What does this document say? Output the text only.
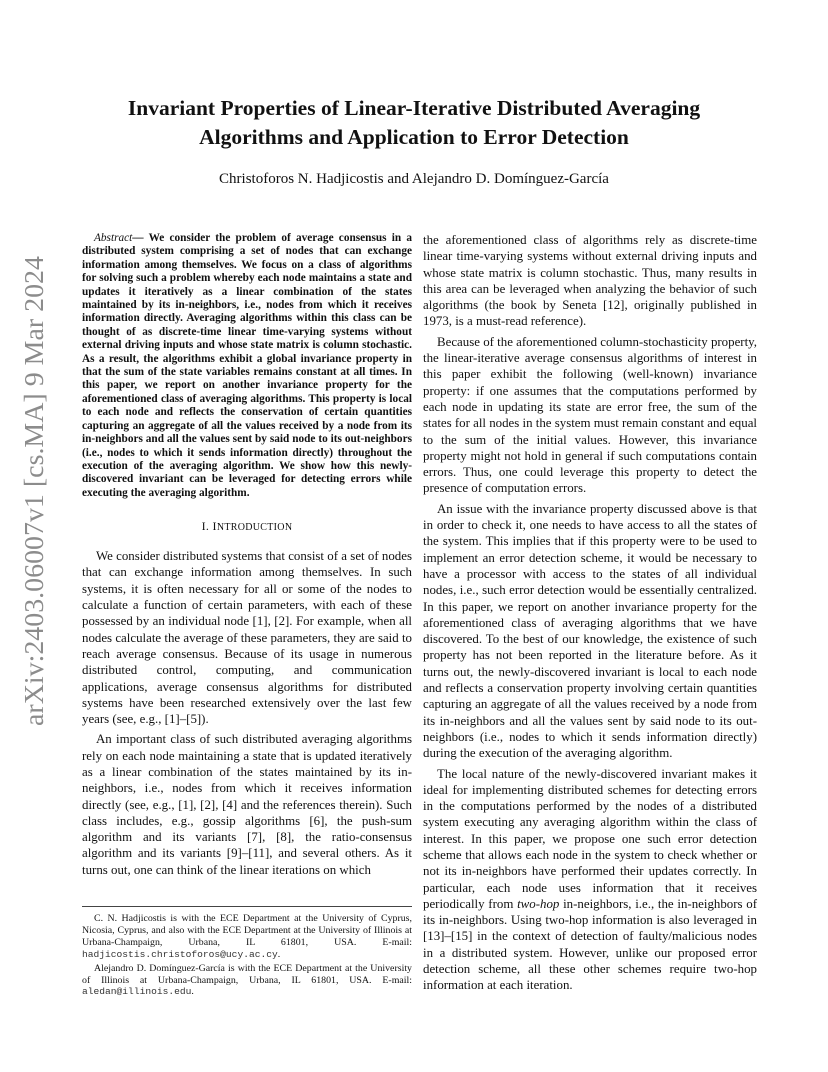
arXiv:2403.06007v1 [cs.MA] 9 Mar 2024
Invariant Properties of Linear-Iterative Distributed Averaging
Algorithms and Application to Error Detection
Christoforos N. Hadjicostis and Alejandro D. Domínguez-García

Abstract— We consider the problem of average consensus in a distributed system comprising a set of nodes that can exchange information among themselves. We focus on a class of algorithms for solving such a problem whereby each node maintains a state and updates it iteratively as a linear combination of the states maintained by its in-neighbors, i.e., nodes from which it receives information directly. Averaging algorithms within this class can be thought of as discrete-time linear time-varying systems without external driving inputs and whose state matrix is column stochastic. As a result, the algorithms exhibit a global invariance property in that the sum of the state variables remains constant at all times. In this paper, we report on another invariance property for the aforementioned class of averaging algorithms. This property is local to each node and reflects the conservation of certain quantities capturing an aggregate of all the values received by a node from its in-neighbors and all the values sent by said node to its out-neighbors (i.e., nodes to which it sends information directly) throughout the execution of the averaging algorithm. We show how this newly-discovered invariant can be leveraged for detecting errors while executing the averaging algorithm.

I. INTRODUCTION

We consider distributed systems that consist of a set of nodes that can exchange information among themselves. In such systems, it is often necessary for all or some of the nodes to calculate a function of certain parameters, with each of these possessed by an individual node [1], [2]. For example, when all nodes calculate the average of these parameters, they are said to reach average consensus. Because of its usage in numerous distributed control, computing, and communication applications, average consensus algorithms for distributed systems have been researched extensively over the last few years (see, e.g., [1]–[5]).

An important class of such distributed averaging algorithms rely on each node maintaining a state that is updated iteratively as a linear combination of the states maintained by its in-neighbors, i.e., nodes from which it receives information directly (see, e.g., [1], [2], [4] and the references therein). Such class includes, e.g., gossip algorithms [6], the push-sum algorithm and its variants [7], [8], the ratio-consensus algorithm and its variants [9]–[11], and several others. As it turns out, one can think of the linear iterations on which

C. N. Hadjicostis is with the ECE Department at the University of Cyprus, Nicosia, Cyprus, and also with the ECE Department at the University of Illinois at Urbana-Champaign, Urbana, IL 61801, USA. E-mail: hadjicostis.christoforos@ucy.ac.cy.

Alejandro D. Domínguez-García is with the ECE Department at the University of Illinois at Urbana-Champaign, Urbana, IL 61801, USA. E-mail: aledan@illinois.edu.

the aforementioned class of algorithms rely as discrete-time linear time-varying systems without external driving inputs and whose state matrix is column stochastic. Thus, many results in this area can be leveraged when analyzing the behavior of such algorithms (the book by Seneta [12], originally published in 1973, is a must-read reference).

Because of the aforementioned column-stochasticity property, the linear-iterative average consensus algorithms of interest in this paper exhibit the following (well-known) invariance property: if one assumes that the computations performed by each node in updating its state are error free, the sum of the states for all nodes in the system must remain constant and equal to the sum of the initial values. However, this invariance property might not hold in general if such computations contain errors. Thus, one could leverage this property to detect the presence of computation errors.

An issue with the invariance property discussed above is that in order to check it, one needs to have access to all the states of the system. This implies that if this property were to be used to implement an error detection scheme, it would be necessary to have a processor with access to the states of all individual nodes, i.e., such error detection would be essentially centralized. In this paper, we report on another invariance property for the aforementioned class of averaging algorithms that we have discovered. To the best of our knowledge, the existence of such property has not been reported in the literature before. As it turns out, the newly-discovered invariant is local to each node and reflects a conservation property involving certain quantities capturing an aggregate of all the values received by a node from its in-neighbors and all the values sent by said node to its out-neighbors (i.e., nodes to which it sends information directly) during the execution of the averaging algorithm.

The local nature of the newly-discovered invariant makes it ideal for implementing distributed schemes for detecting errors in the computations performed by the nodes of a distributed system executing any averaging algorithm within the class of interest. In this paper, we propose one such error detection scheme that allows each node in the system to check whether or not its in-neighbors have performed their updates correctly. In particular, each node uses information that it receives periodically from two-hop in-neighbors, i.e., the in-neighbors of its in-neighbors. Using two-hop information is also leveraged in [13]–[15] in the context of detection of faulty/malicious nodes in a distributed system. However, unlike our proposed error detection scheme, all these other schemes require two-hop information at each iteration.
